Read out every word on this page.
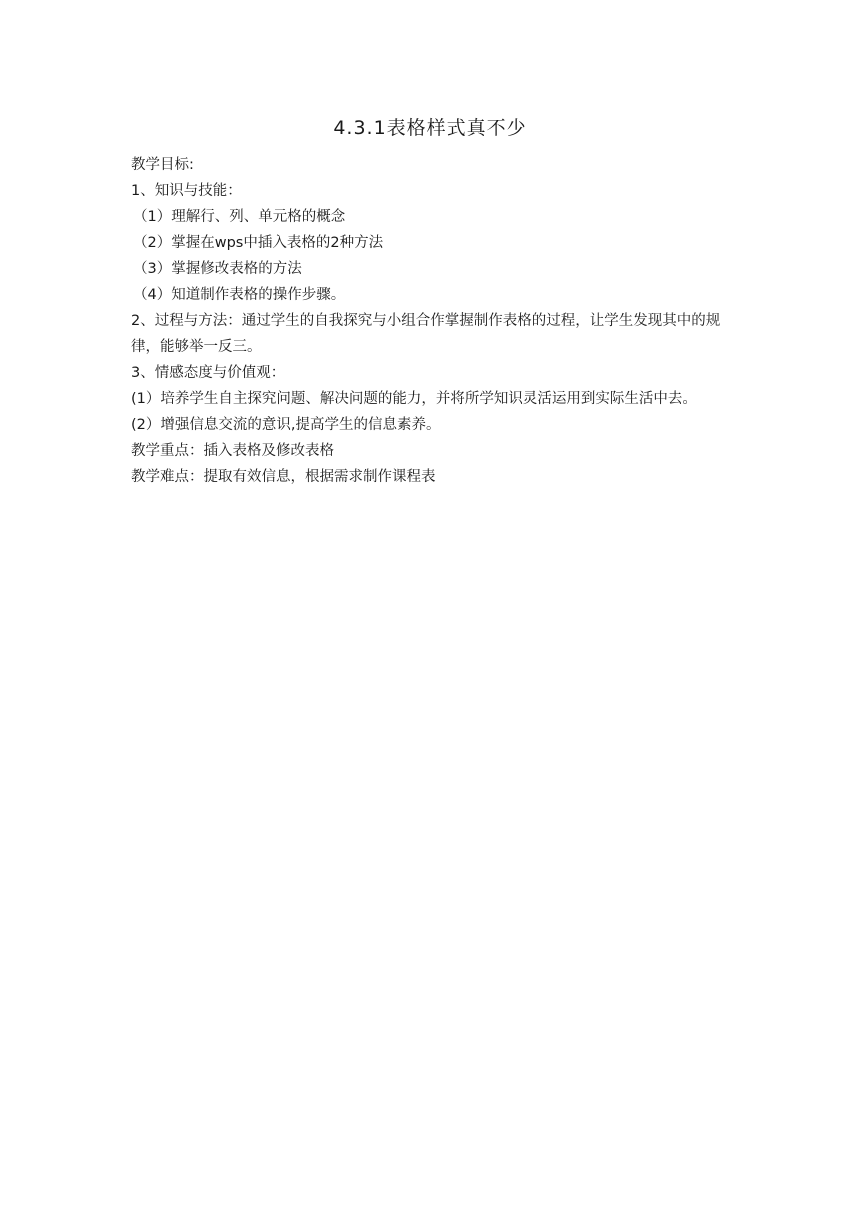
4.3.1表格样式真不少
教学目标:
1、知识与技能：
（1）理解行、列、单元格的概念
（2）掌握在wps中插入表格的2种方法
（3）掌握修改表格的方法
（4）知道制作表格的操作步骤。
2、过程与方法：通过学生的自我探究与小组合作掌握制作表格的过程，让学生发现其中的规律，能够举一反三。
3、情感态度与价值观：
(1）培养学生自主探究问题、解决问题的能力，并将所学知识灵活运用到实际生活中去。
(2）增强信息交流的意识,提高学生的信息素养。
教学重点：插入表格及修改表格
教学难点：提取有效信息，根据需求制作课程表
